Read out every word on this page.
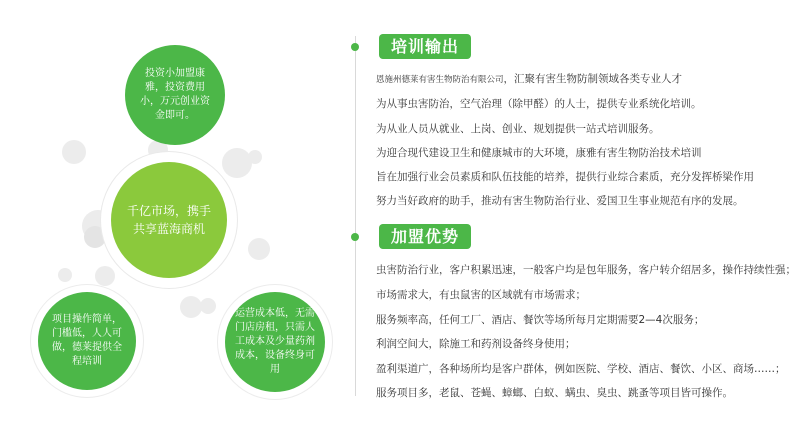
投资小加盟康雅，投资费用小，万元创业资金即可。
千亿市场，携手共享蓝海商机
项目操作简单，门槛低，人人可做，德莱提供全程培训
运营成本低，无需门店房租，只需人工成本及少量药剂成本，设备终身可用
培训输出
恩施州德莱有害生物防治有限公司，汇聚有害生物防制领域各类专业人才
为从事虫害防治，空气治理（除甲醛）的人士，提供专业系统化培训。
为从业人员从就业、上岗、创业、规划提供一站式培训服务。
为迎合现代建设卫生和健康城市的大环境，康雅有害生物防治技术培训
旨在加强行业会员素质和队伍技能的培养，提供行业综合素质，充分发挥桥梁作用
努力当好政府的助手，推动有害生物防治行业、爱国卫生事业规范有序的发展。
加盟优势
虫害防治行业，客户积累迅速，一般客户均是包年服务，客户转介绍居多，操作持续性强；
市场需求大，有虫鼠害的区域就有市场需求；
服务频率高，任何工厂、酒店、餐饮等场所每月定期需要2—4次服务；
利润空间大，除施工和药剂设备终身使用；
盈利渠道广，各种场所均是客户群体，例如医院、学校、酒店、餐饮、小区、商场……；
服务项目多，老鼠、苍蝇、蟑螂、白蚁、螨虫、臭虫、跳蚤等项目皆可操作。
